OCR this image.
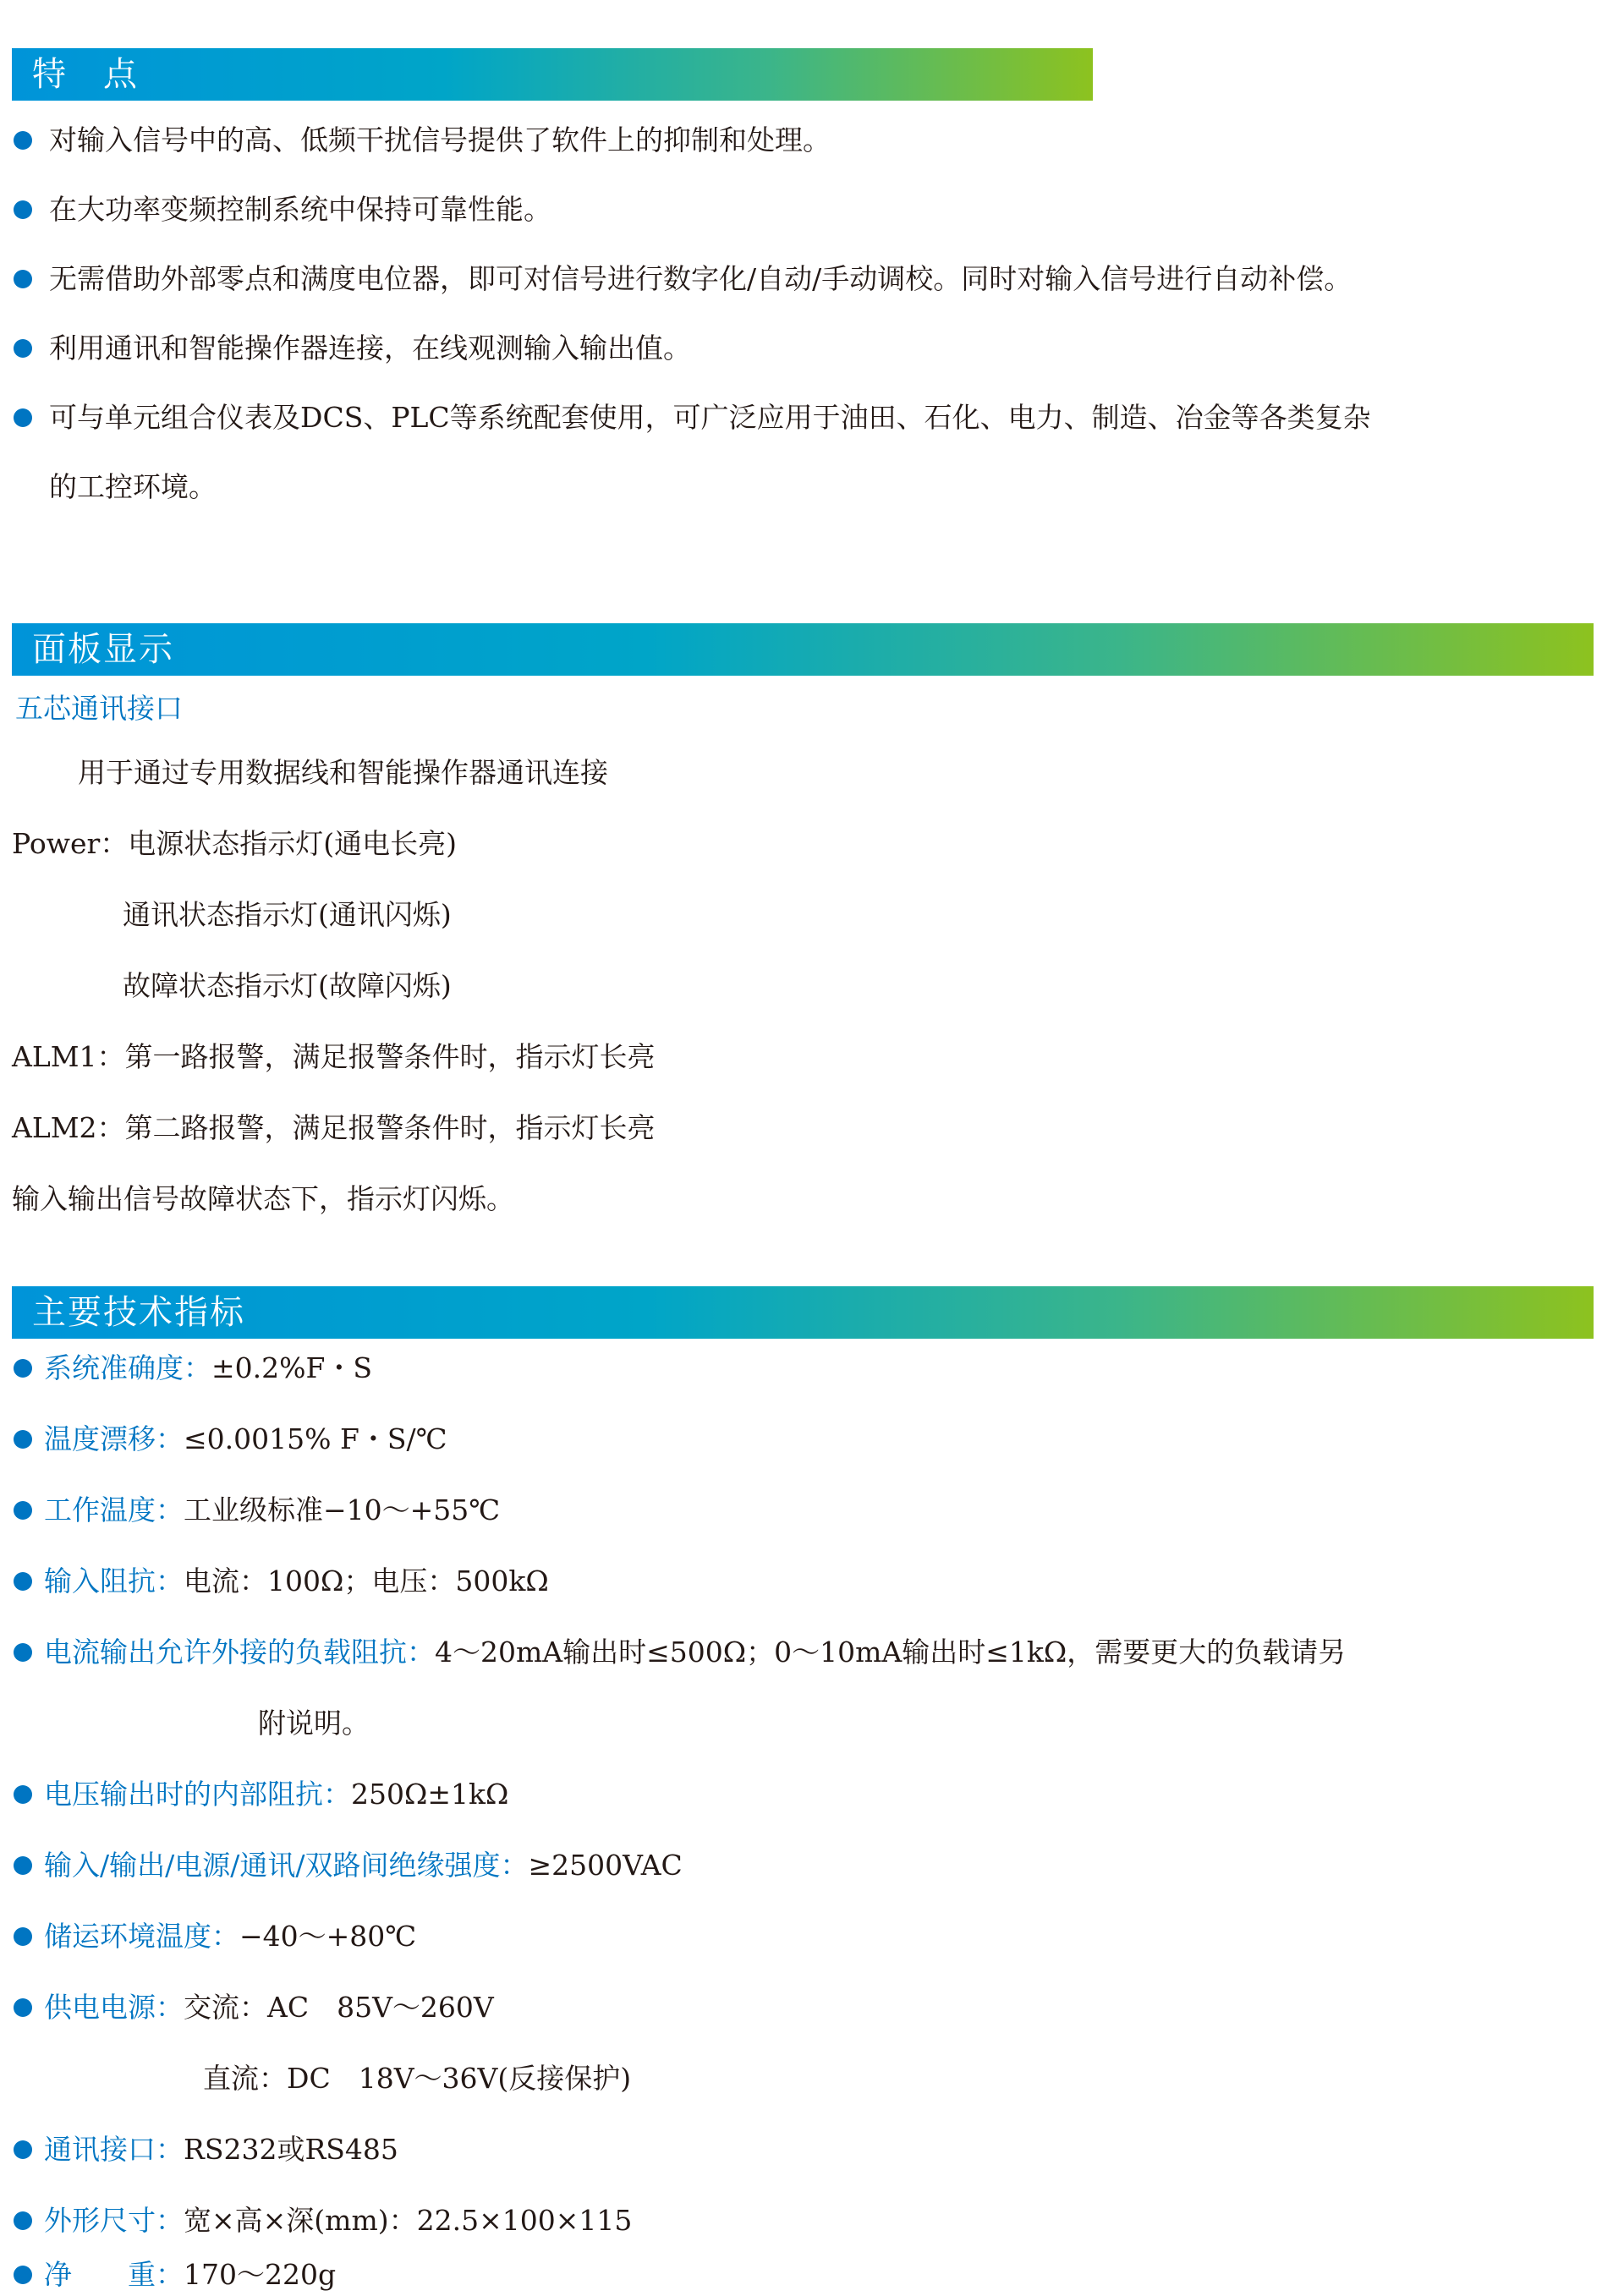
特　点
对输入信号中的高、低频干扰信号提供了软件上的抑制和处理。
在大功率变频控制系统中保持可靠性能。
无需借助外部零点和满度电位器，即可对信号进行数字化/自动/手动调校。同时对输入信号进行自动补偿。
利用通讯和智能操作器连接，在线观测输入输出值。
可与单元组合仪表及DCS、PLC等系统配套使用，可广泛应用于油田、石化、电力、制造、冶金等各类复杂
的工控环境。
面板显示
五芯通讯接口
用于通过专用数据线和智能操作器通讯连接
Power：电源状态指示灯(通电长亮)
通讯状态指示灯(通讯闪烁)
故障状态指示灯(故障闪烁)
ALM1：第一路报警，满足报警条件时，指示灯长亮
ALM2：第二路报警，满足报警条件时，指示灯长亮
输入输出信号故障状态下，指示灯闪烁。
主要技术指标
系统准确度：±0.2%F・S
温度漂移：≤0.0015% F・S/℃
工作温度：工业级标准−10～+55℃
输入阻抗：电流：100Ω；电压：500kΩ
电流输出允许外接的负载阻抗：4～20mA输出时≤500Ω；0～10mA输出时≤1kΩ，需要更大的负载请另
附说明。
电压输出时的内部阻抗：250Ω±1kΩ
输入/输出/电源/通讯/双路间绝缘强度：≥2500VAC
储运环境温度：−40～+80℃
供电电源：交流：AC　85V～260V
直流：DC　18V～36V(反接保护)
通讯接口：RS232或RS485
外形尺寸：宽×高×深(mm)：22.5×100×115
净　　重：170～220g
